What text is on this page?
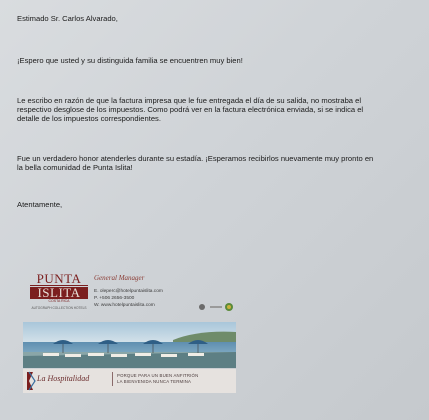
Estimado Sr. Carlos Alvarado,
¡Espero que usted y su distinguida familia se encuentren muy bien!
Le escribo en razón de que la factura impresa que le fue entregada el día de su salida, no mostraba el
respectivo desglose de los impuestos. Como podrá ver en la factura electrónica enviada, si se indica el
detalle de los impuestos correspondientes.
Fue un verdadero honor atenderles durante su estadía. ¡Esperamos recibirlos nuevamente muy pronto en
la bella comunidad de Punta Islita!
Atentamente,
PUNTA
ISLITA
COSTA RICA
General Manager
E. oleperc@hotelpuntaislita.com
P. +506 2656-3500
W. www.hotelpuntaislita.com
AUTOGRAPH COLLECTION HOTELS
La Hospitalidad	PORQUE PARA UN BUEN ANFITRIÓN
LA BIENVENIDA NUNCA TERMINA
